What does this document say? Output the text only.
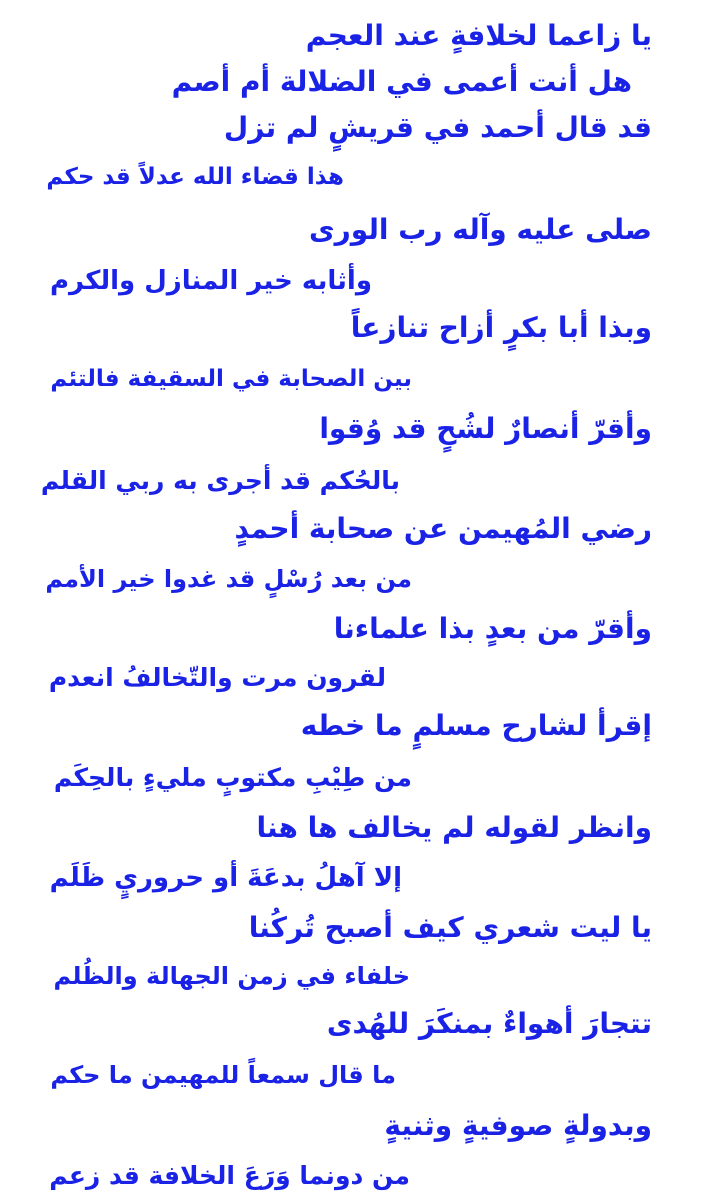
يا زاعما لخلافةٍ عند العجم
هل أنت أعمى في الضلالة أم أصم
قد قال أحمد في قريشٍ لم تزل
هذا قضاء الله عدلاً قد حكم
صلى عليه وآله رب الورى
وأثابه خير المنازل والكرم
وبذا أبا بكرٍ أزاح تنازعاً
بين الصحابة في السقيفة فالتئم
وأقرّ أنصارٌ لشُحٍ قد وُقوا
بالحُكم قد أجرى به ربي القلم
رضي المُهيمن عن صحابة أحمدٍ
من بعد رُسْلٍ قد غدوا خير الأمم
وأقرّ من بعدٍ بذا علماءنا
لقرون مرت والتّخالفُ انعدم
إقرأ لشارح مسلمٍ ما خطه
من طِيْبِ مكتوبٍ مليءٍ بالحِكَم
وانظر لقوله لم يخالف ها هنا
إلا آهلُ بدعَةَ أو حروريٍ ظَلَم
يا ليت شعري كيف أصبح تُركُنا
خلفاء في زمن الجهالة والظُلم
تتجارَ أهواءٌ بمنكَرَ للهُدى
ما قال سمعاً للمهيمن ما حكم
وبدولةٍ صوفيةٍ وثنيةٍ
من دونما وَرَعَ الخلافة قد زعم
